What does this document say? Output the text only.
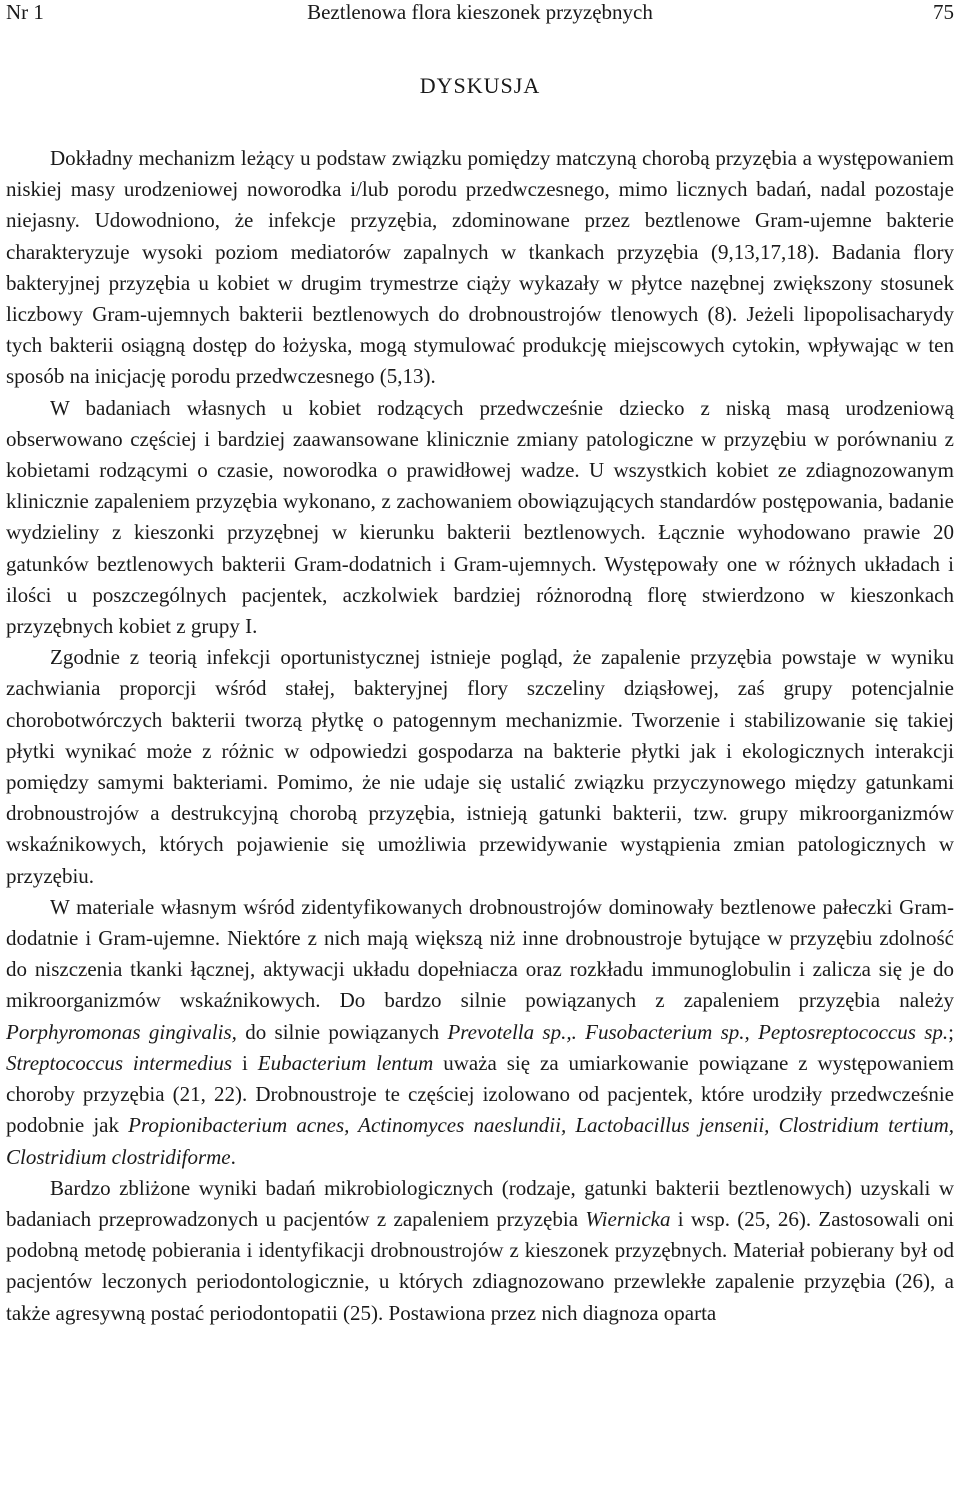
Nr 1	Beztlenowa flora kieszonek przyzębnych	75
DYSKUSJA

Dokładny mechanizm leżący u podstaw związku pomiędzy matczyną chorobą przyzębia a występowaniem niskiej masy urodzeniowej noworodka i/lub porodu przedwczesnego, mimo licznych badań, nadal pozostaje niejasny. Udowodniono, że infekcje przyzębia, zdominowane przez beztlenowe Gram-ujemne bakterie charakteryzuje wysoki poziom mediatorów zapalnych w tkankach przyzębia (9,13,17,18). Badania flory bakteryjnej przyzębia u kobiet w drugim trymestrze ciąży wykazały w płytce nazębnej zwiększony stosunek liczbowy Gram-ujemnych bakterii beztlenowych do drobnoustrojów tlenowych (8). Jeżeli lipopolisacharydy tych bakterii osiągną dostęp do łożyska, mogą stymulować produkcję miejscowych cytokin, wpływając w ten sposób na inicjację porodu przedwczesnego (5,13).

W badaniach własnych u kobiet rodzących przedwcześnie dziecko z niską masą urodzeniową obserwowano częściej i bardziej zaawansowane klinicznie zmiany patologiczne w przyzębiu w porównaniu z kobietami rodzącymi o czasie, noworodka o prawidłowej wadze. U wszystkich kobiet ze zdiagnozowanym klinicznie zapaleniem przyzębia wykonano, z zachowaniem obowiązujących standardów postępowania, badanie wydzieliny z kieszonki przyzębnej w kierunku bakterii beztlenowych. Łącznie wyhodowano prawie 20 gatunków beztlenowych bakterii Gram-dodatnich i Gram-ujemnych. Występowały one w różnych układach i ilości u poszczególnych pacjentek, aczkolwiek bardziej różnorodną florę stwierdzono w kieszonkach przyzębnych kobiet z grupy I.

Zgodnie z teorią infekcji oportunistycznej istnieje pogląd, że zapalenie przyzębia powstaje w wyniku zachwiania proporcji wśród stałej, bakteryjnej flory szczeliny dziąsłowej, zaś grupy potencjalnie chorobotwórczych bakterii tworzą płytkę o patogennym mechanizmie. Tworzenie i stabilizowanie się takiej płytki wynikać może z różnic w odpowiedzi gospodarza na bakterie płytki jak i ekologicznych interakcji pomiędzy samymi bakteriami. Pomimo, że nie udaje się ustalić związku przyczynowego między gatunkami drobnoustrojów a destrukcyjną chorobą przyzębia, istnieją gatunki bakterii, tzw. grupy mikroorganizmów wskaźnikowych, których pojawienie się umożliwia przewidywanie wystąpienia zmian patologicznych w przyzębiu.

W materiale własnym wśród zidentyfikowanych drobnoustrojów dominowały beztlenowe pałeczki Gram-dodatnie i Gram-ujemne. Niektóre z nich mają większą niż inne drobnoustroje bytujące w przyzębiu zdolność do niszczenia tkanki łącznej, aktywacji układu dopełniacza oraz rozkładu immunoglobulin i zalicza się je do mikroorganizmów wskaźnikowych. Do bardzo silnie powiązanych z zapaleniem przyzębia należy Porphyromonas gingivalis, do silnie powiązanych Prevotella sp.,. Fusobacterium sp., Peptosreptococcus sp.; Streptococcus intermedius i Eubacterium lentum uważa się za umiarkowanie powiązane z występowaniem choroby przyzębia (21, 22). Drobnoustroje te częściej izolowano od pacjentek, które urodziły przedwcześnie podobnie jak Propionibacterium acnes, Actinomyces naeslundii, Lactobacillus jensenii, Clostridium tertium, Clostridium clostridiforme.

Bardzo zbliżone wyniki badań mikrobiologicznych (rodzaje, gatunki bakterii beztlenowych) uzyskali w badaniach przeprowadzonych u pacjentów z zapaleniem przyzębia Wiernicka i wsp. (25, 26). Zastosowali oni podobną metodę pobierania i identyfikacji drobnoustrojów z kieszonek przyzębnych. Materiał pobierany był od pacjentów leczonych periodontologicznie, u których zdiagnozowano przewlekłe zapalenie przyzębia (26), a także agresywną postać periodontopatii (25). Postawiona przez nich diagnoza oparta
